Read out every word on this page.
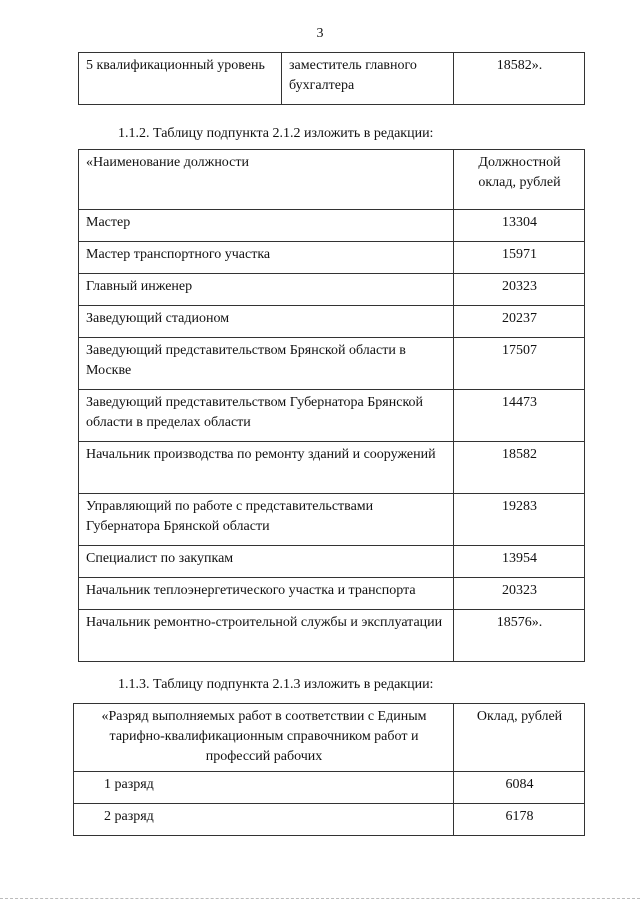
3
5 квалификационный уровень	заместитель главного бухгалтера	18582».
1.1.2. Таблицу подпункта 2.1.2 изложить в редакции:
«Наименование должности	Должностной оклад, рублей
Мастер	13304
Мастер транспортного участка	15971
Главный инженер	20323
Заведующий стадионом	20237
Заведующий представительством Брянской области в Москве	17507
Заведующий представительством Губернатора Брянской области в пределах области	14473
Начальник производства по ремонту зданий и сооружений	18582
Управляющий по работе с представительствами Губернатора Брянской области	19283
Специалист по закупкам	13954
Начальник теплоэнергетического участка и транспорта	20323
Начальник ремонтно-строительной службы и эксплуатации	18576».
1.1.3. Таблицу подпункта 2.1.3 изложить в редакции:
«Разряд выполняемых работ в соответствии с Единым тарифно-квалификационным справочником работ и профессий рабочих	Оклад, рублей
1 разряд	6084
2 разряд	6178
